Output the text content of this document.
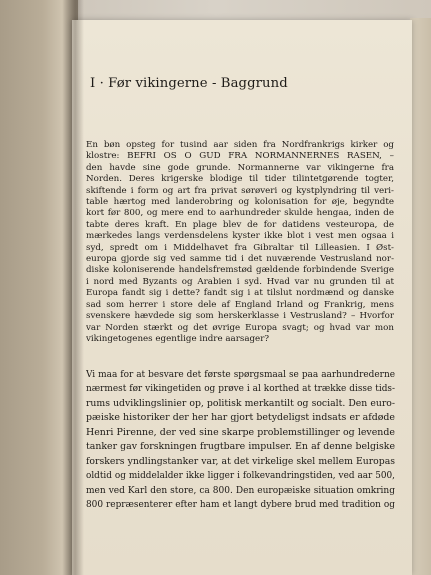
I · Før vikingerne - Baggrund
En bøn opsteg for tusind aar siden fra Nordfrankrigs kirker og
klostre: BEFRI OS O GUD FRA NORMANNERNES RASEN, –
den havde sine gode grunde. Normannerne var vikingerne fra
Norden. Deres krigerske blodige til tider tilintetgørende togter,
skiftende i form og art fra privat sørøveri og kystplyndring til veri-
table hærtog med landerobring og kolonisation for øje, begyndte
kort før 800, og mere end to aarhundreder skulde hengaa, inden de
tabte deres kraft. En plage blev de for datidens vesteuropa, de
mærkedes langs verdensdelens kyster ikke blot i vest men ogsaa i
syd, spredt om i Middelhavet fra Gibraltar til Lilleasien. I Øst-
europa gjorde sig ved samme tid i det nuværende Vestrusland nor-
diske koloniserende handelsfremstød gældende forbindende Sverige
i nord med Byzants og Arabien i syd. Hvad var nu grunden til at
Europa fandt sig i dette? fandt sig i at tilslut nordmænd og danske
sad som herrer i store dele af England Irland og Frankrig, mens
svenskere hævdede sig som herskerklasse i Vestrusland? – Hvorfor
var Norden stærkt og det øvrige Europa svagt; og hvad var mon
vikingetogenes egentlige indre aarsager?
Vi maa for at besvare det første spørgsmaal se paa aarhundrederne
nærmest før vikingetiden og prøve i al korthed at trække disse tids-
rums udviklingslinier op, politisk merkantilt og socialt. Den euro-
pæiske historiker der her har gjort betydeligst indsats er afdøde
Henri Pirenne, der ved sine skarpe problemstillinger og levende
tanker gav forskningen frugtbare impulser. En af denne belgiske
forskers yndlingstanker var, at det virkelige skel mellem Europas
oldtid og middelalder ikke ligger i folkevandringstiden, ved aar 500,
men ved Karl den store, ca 800. Den europæiske situation omkring
800 repræsenterer efter ham et langt dybere brud med tradition og
